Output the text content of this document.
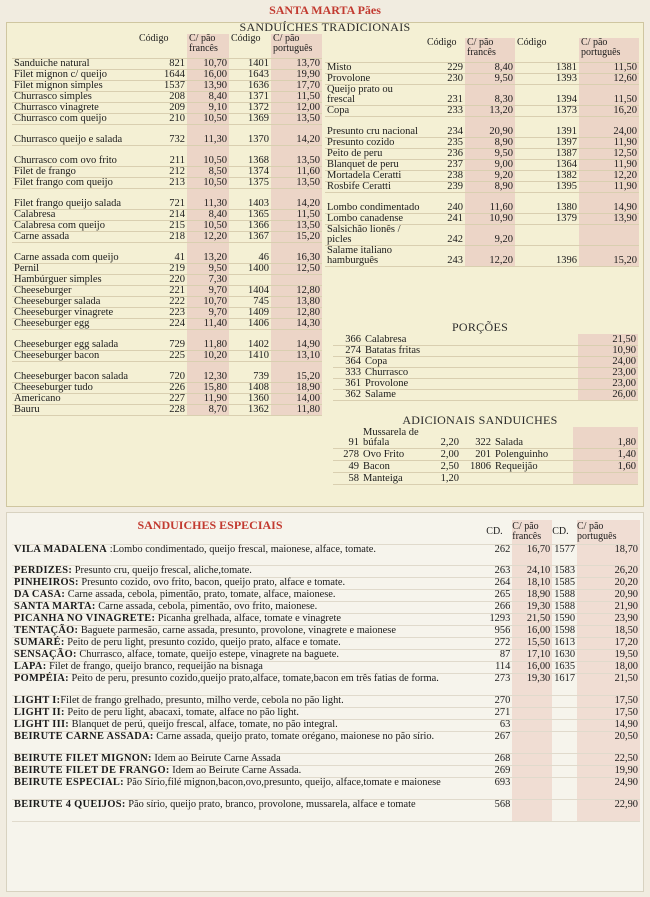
SANTA MARTA Pães
SANDUÍCHES TRADICIONAIS
	Código	C/ pão francês	Código	C/ pão português
Sanduiche natural	821	10,70	1401	13,70
Filet mignon c/ queijo	1644	16,00	1643	19,90
Filet mignon simples	1537	13,90	1636	17,70
Churrasco simples	208	8,40	1371	11,50
Churrasco vinagrete	209	9,10	1372	12,00
Churrasco com queijo	210	10,50	1369	13,50
Churrasco queijo e salada	732	11,30	1370	14,20
Churrasco com ovo frito	211	10,50	1368	13,50
Filet de frango	212	8,50	1374	11,60
Filet frango com queijo	213	10,50	1375	13,50
Filet frango queijo salada	721	11,30	1403	14,20
Calabresa	214	8,40	1365	11,50
Calabresa com queijo	215	10,50	1366	13,50
Carne assada	218	12,20	1367	15,20
Carne assada com queijo	41	13,20	46	16,30
Pernil	219	9,50	1400	12,50
Hambúrguer simples	220	7,30		
Cheeseburger	221	9,70	1404	12,80
Cheeseburger salada	222	10,70	745	13,80
Cheeseburger vinagrete	223	9,70	1409	12,80
Cheeseburger egg	224	11,40	1406	14,30
Cheeseburger egg salada	729	11,80	1402	14,90
Cheeseburger bacon	225	10,20	1410	13,10
Cheeseburger bacon salada	720	12,30	739	15,20
Cheeseburger tudo	226	15,80	1408	18,90
Americano	227	11,90	1360	14,00
Bauru	228	8,70	1362	11,80
	Código	C/ pão francês	Código	C/ pão português
Misto	229	8,40	1381	11,50
Provolone	230	9,50	1393	12,60
Queijo prato ou frescal	231	8,30	1394	11,50
Copa	233	13,20	1373	16,20
Presunto cru nacional	234	20,90	1391	24,00
Presunto cozido	235	8,90	1397	11,90
Peito de peru	236	9,50	1387	12,50
Blanquet de peru	237	9,00	1364	11,90
Mortadela Ceratti	238	9,20	1382	12,20
Rosbife Ceratti	239	8,90	1395	11,90
Lombo condimentado	240	11,60	1380	14,90
Lombo canadense	241	10,90	1379	13,90
Salsichão lionês / picles	242	9,20		
Salame italiano hamburguês	243	12,20	1396	15,20
PORÇÕES
366	Calabresa	21,50
274	Batatas fritas	10,90
364	Copa	24,00
333	Churrasco	23,00
361	Provolone	23,00
362	Salame	26,00
ADICIONAIS SANDUICHES
91	Mussarela de búfala	2,20	322	Salada	1,80
278	Ovo Frito	2,00	201	Polenguinho	1,40
49	Bacon	2,50	1806	Requeijão	1,60
58	Manteiga	1,20			
SANDUICHES ESPECIAIS
		CD.	C/ pão francês	CD.	C/ pão português
VILA MADALENA :Lombo condimentado, queijo frescal, maionese, alface, tomate.	262	16,70	1577	18,70
PERDIZES: Presunto cru, queijo frescal, aliche,tomate.	263	24,10	1583	26,20
PINHEIROS: Presunto cozido, ovo frito, bacon, queijo prato, alface e tomate.	264	18,10	1585	20,20
DA CASA: Carne assada, cebola, pimentão, prato, tomate, alface, maionese.	265	18,90	1588	20,90
SANTA MARTA: Carne assada, cebola, pimentão, ovo frito, maionese.	266	19,30	1588	21,90
PICANHA NO VINAGRETE: Picanha grelhada, alface, tomate e vinagrete	1293	21,50	1590	23,90
TENTAÇÃO: Baguete parmesão, carne assada, presunto, provolone, vinagrete e maionese	956	16,00	1598	18,50
SUMARÉ: Peito de peru light, presunto cozido, queijo prato, alface e tomate.	272	15,50	1613	17,20
SENSAÇÃO: Churrasco, alface, tomate, queijo estepe, vinagrete na baguete.	87	17,10	1630	19,50
LAPA: Filet de frango, queijo branco, requeijão na bisnaga	114	16,00	1635	18,00
POMPÉIA: Peito de peru, presunto cozido,queijo prato,alface, tomate,bacon em três fatias de forma.	273	19,30	1617	21,50
LIGHT I:Filet de frango grelhado, presunto, milho verde, cebola no pão light.	270			17,50
LIGHT II: Peito de peru light, abacaxi, tomate, alface no pão light.	271			17,50
LIGHT III: Blanquet de perú, queijo frescal, alface, tomate, no pão integral.	63			14,90
BEIRUTE CARNE ASSADA: Carne assada, queijo prato, tomate orégano, maionese no pão sírio.	267			20,50
BEIRUTE FILET MIGNON: Idem ao Beirute Carne Assada	268			22,50
BEIRUTE FILET DE FRANGO: Idem ao Beirute Carne Assada.	269			19,90
BEIRUTE ESPECIAL: Pão Sírio,filé mignon,bacon,ovo,presunto, queijo, alface,tomate e maionese	693			24,90
BEIRUTE 4 QUEIJOS: Pão sírio, queijo prato, branco, provolone, mussarela, alface e tomate	568			22,90
